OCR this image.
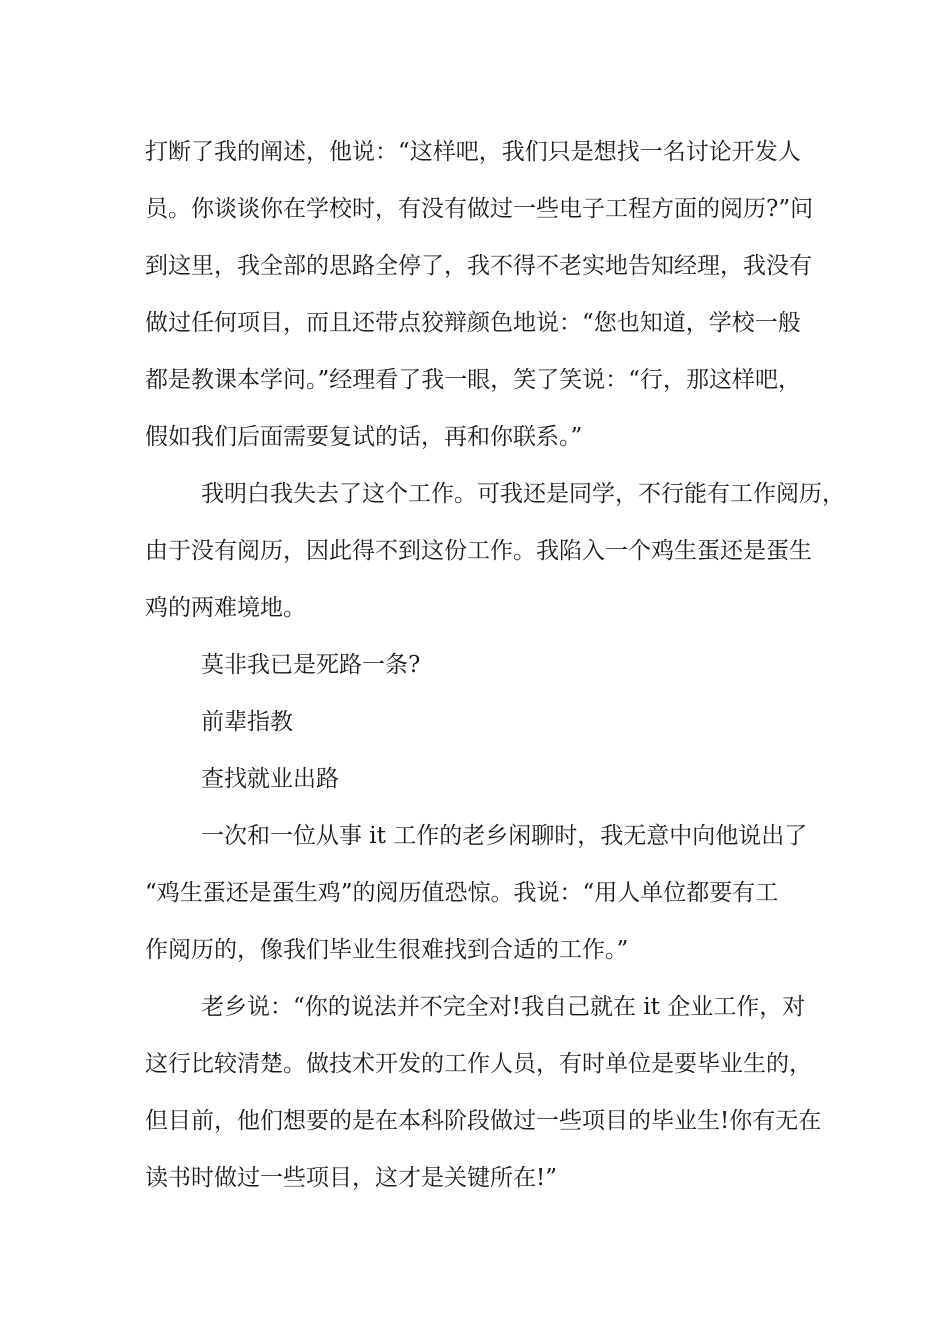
打断了我的阐述，他说：“这样吧，我们只是想找一名讨论开发人

员。你谈谈你在学校时，有没有做过一些电子工程方面的阅历?”问

到这里，我全部的思路全停了，我不得不老实地告知经理，我没有

做过任何项目，而且还带点狡辩颜色地说：“您也知道，学校一般

都是教课本学问。”经理看了我一眼，笑了笑说：“行，那这样吧，

假如我们后面需要复试的话，再和你联系。”

我明白我失去了这个工作。可我还是同学，不行能有工作阅历，

由于没有阅历，因此得不到这份工作。我陷入一个鸡生蛋还是蛋生

鸡的两难境地。

莫非我已是死路一条?

前辈指教

查找就业出路

一次和一位从事 it 工作的老乡闲聊时，我无意中向他说出了

“鸡生蛋还是蛋生鸡”的阅历值恐惊。我说：“用人单位都要有工

作阅历的，像我们毕业生很难找到合适的工作。”

老乡说：“你的说法并不完全对!我自己就在 it 企业工作，对

这行比较清楚。做技术开发的工作人员，有时单位是要毕业生的，

但目前，他们想要的是在本科阶段做过一些项目的毕业生!你有无在

读书时做过一些项目，这才是关键所在!”
